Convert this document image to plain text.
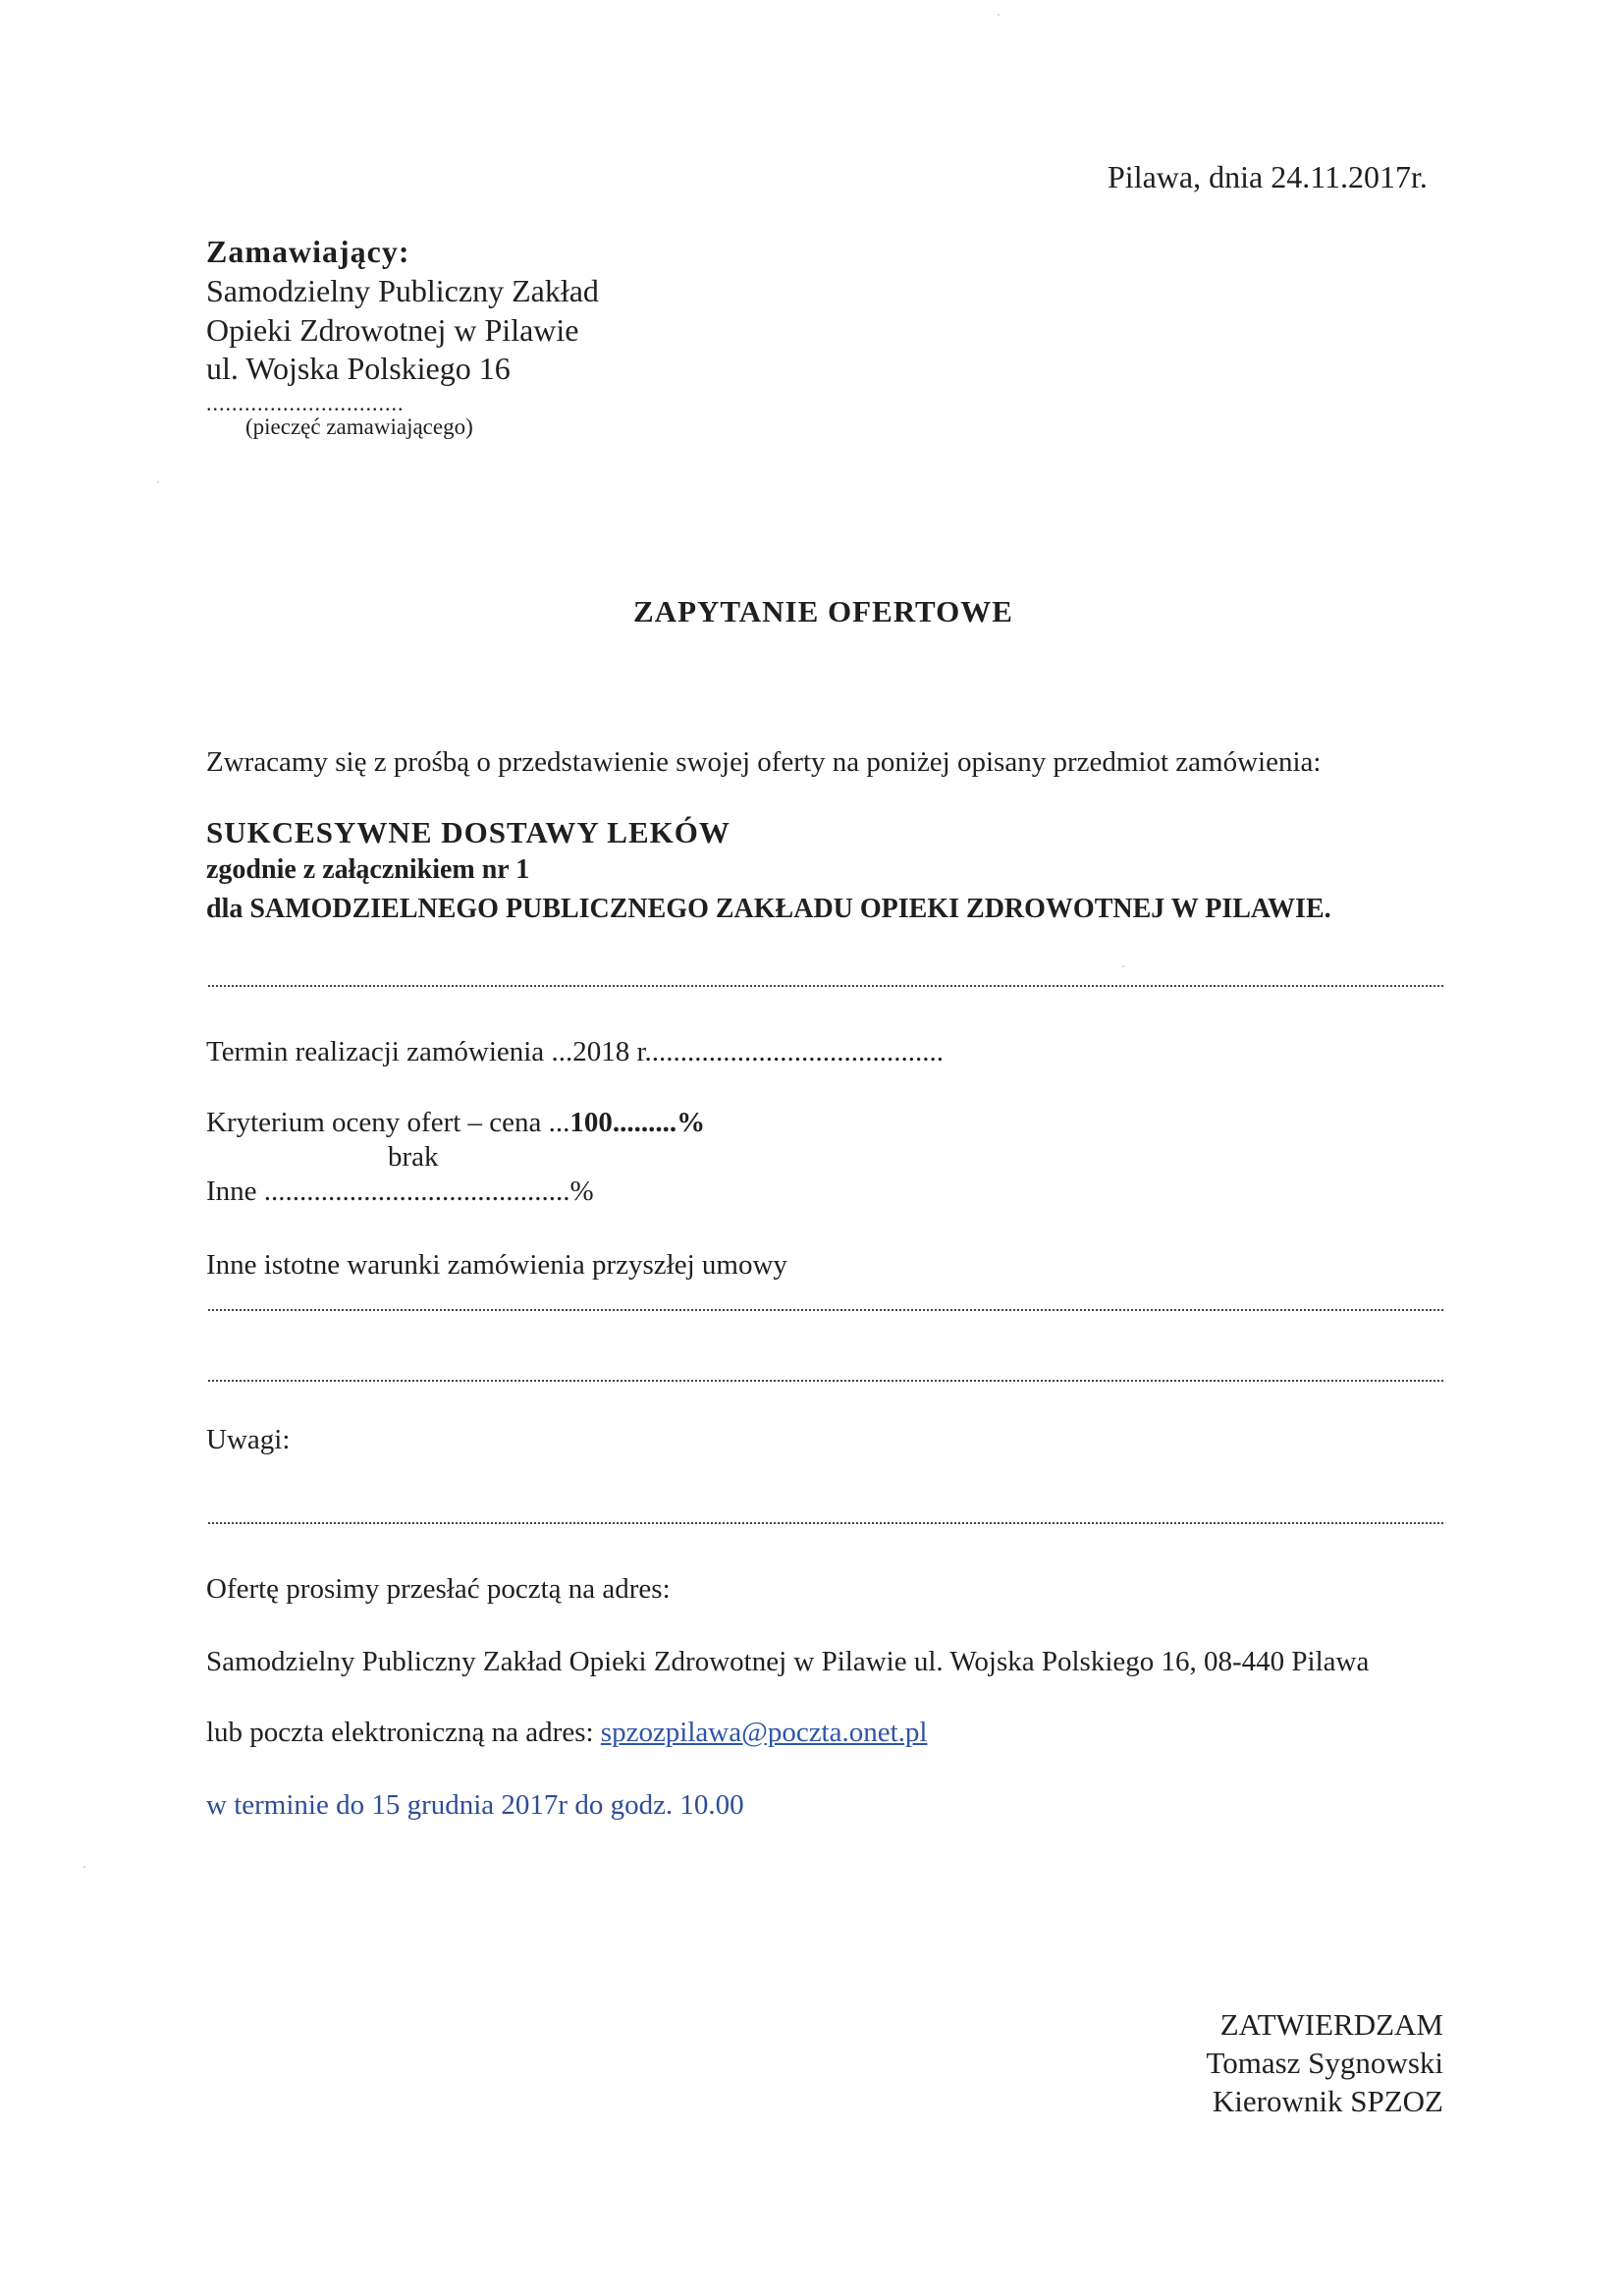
Pilawa, dnia 24.11.2017r.
Zamawiający:
Samodzielny Publiczny Zakład
Opieki Zdrowotnej w Pilawie
ul. Wojska Polskiego 16
...............................
(pieczęć zamawiającego)
ZAPYTANIE OFERTOWE
Zwracamy się z prośbą o przedstawienie swojej oferty na poniżej opisany przedmiot zamówienia:
SUKCESYWNE DOSTAWY LEKÓW
zgodnie z załącznikiem nr 1
dla SAMODZIELNEGO PUBLICZNEGO ZAKŁADU OPIEKI ZDROWOTNEJ W PILAWIE.
Termin realizacji zamówienia ...2018 r..........................................
Kryterium oceny ofert – cena ...100.........%
brak
Inne ...........................................%
Inne istotne warunki zamówienia przyszłej umowy
Uwagi:
Ofertę prosimy przesłać pocztą na adres:
Samodzielny Publiczny Zakład Opieki Zdrowotnej w Pilawie ul. Wojska Polskiego 16, 08-440 Pilawa
lub poczta elektroniczną na adres: spzozpilawa@poczta.onet.pl
w terminie do 15 grudnia 2017r do godz. 10.00
ZATWIERDZAM
Tomasz Sygnowski
Kierownik SPZOZ
